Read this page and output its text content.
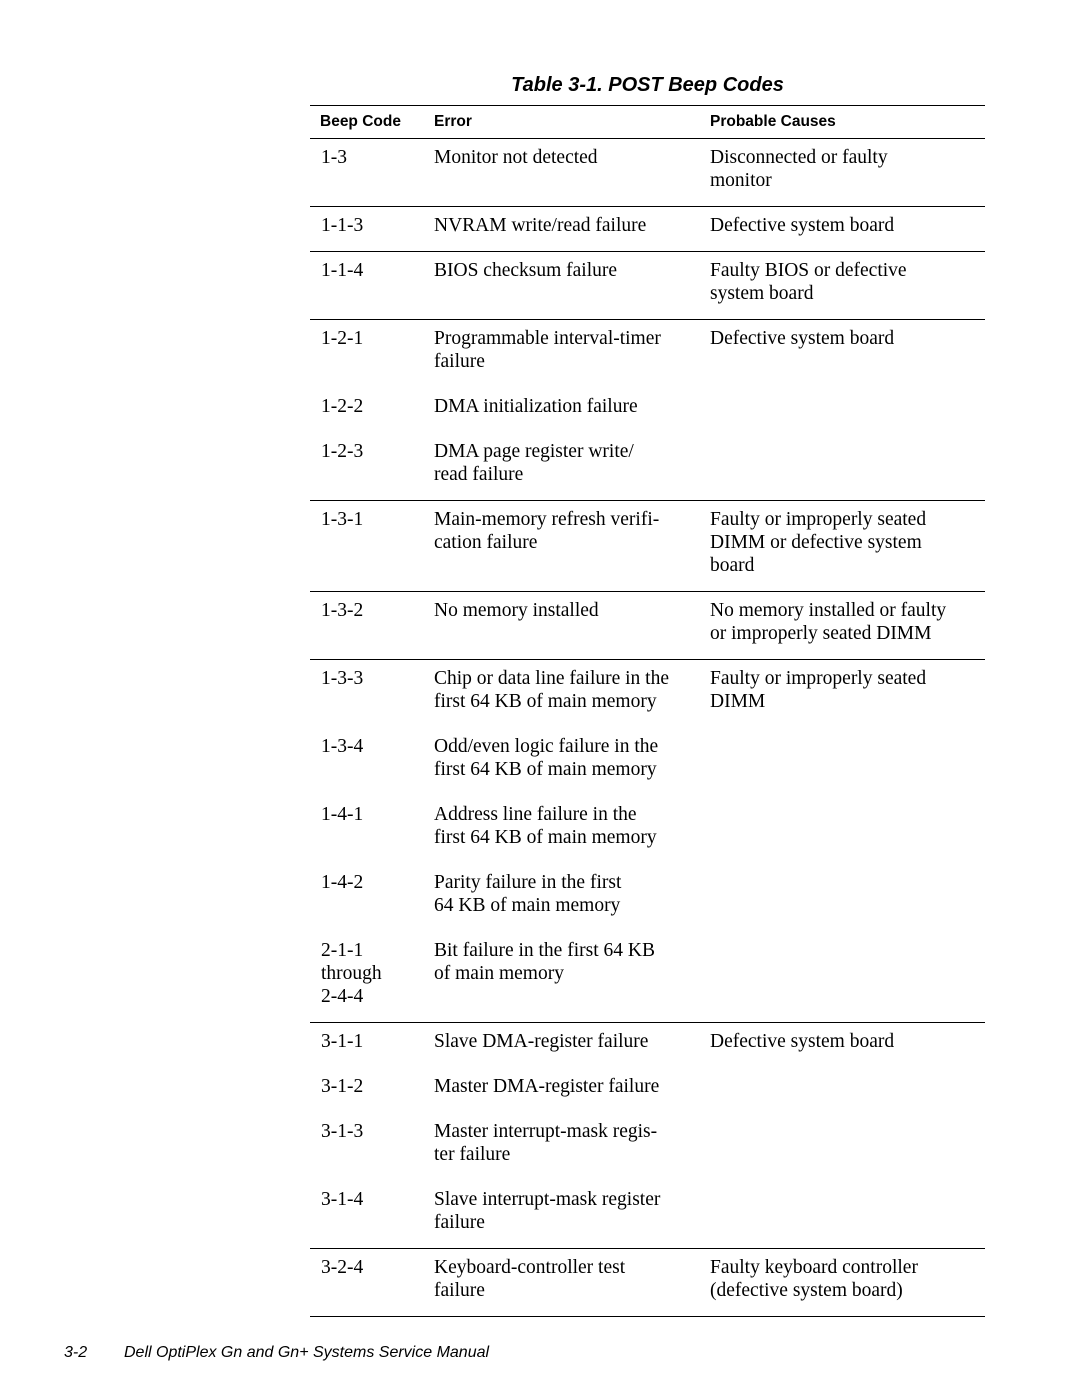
Table 3-1. POST Beep Codes
Beep Code	Error	Probable Causes

1-3	Monitor not detected	Disconnected or faulty
monitor

1-1-3	NVRAM write/read failure	Defective system board

1-1-4	BIOS checksum failure	Faulty BIOS or defective
system board

1-2-1	Programmable interval-timer
failure	Defective system board

1-2-2	DMA initialization failure	

1-2-3	DMA page register write/
read failure	

1-3-1	Main-memory refresh verifi-
cation failure	Faulty or improperly seated
DIMM or defective system
board

1-3-2	No memory installed	No memory installed or faulty
or improperly seated DIMM

1-3-3	Chip or data line failure in the
first 64 KB of main memory	Faulty or improperly seated
DIMM

1-3-4	Odd/even logic failure in the
first 64 KB of main memory	

1-4-1	Address line failure in the
first 64 KB of main memory	

1-4-2	Parity failure in the first
64 KB of main memory	

2-1-1
through
2-4-4	Bit failure in the first 64 KB
of main memory	

3-1-1	Slave DMA-register failure	Defective system board

3-1-2	Master DMA-register failure	

3-1-3	Master interrupt-mask regis-
ter failure	

3-1-4	Slave interrupt-mask register
failure	

3-2-4	Keyboard-controller test
failure	Faulty keyboard controller
(defective system board)
3-2 Dell OptiPlex Gn and Gn+ Systems Service Manual
